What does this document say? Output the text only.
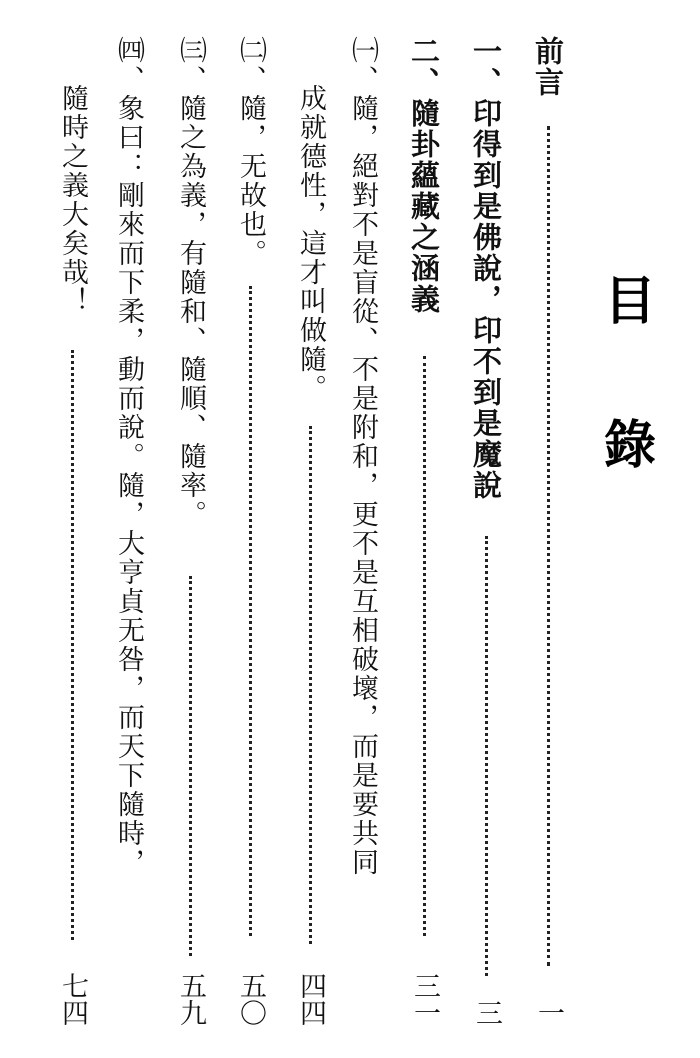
目
錄
前言
一
一、印得到是佛說，印不到是魔說
三
二、隨卦蘊藏之涵義
三一
㈠、隨，絕對不是盲從、不是附和，更不是互相破壞，而是要共同
成就德性，這才叫做隨。
四四
㈡、隨，无故也。
五〇
㈢、隨之為義，有隨和、隨順、隨率。
五九
㈣、象曰：剛來而下柔，動而說。隨，大亨貞无咎，而天下隨時，
隨時之義大矣哉！
七四
